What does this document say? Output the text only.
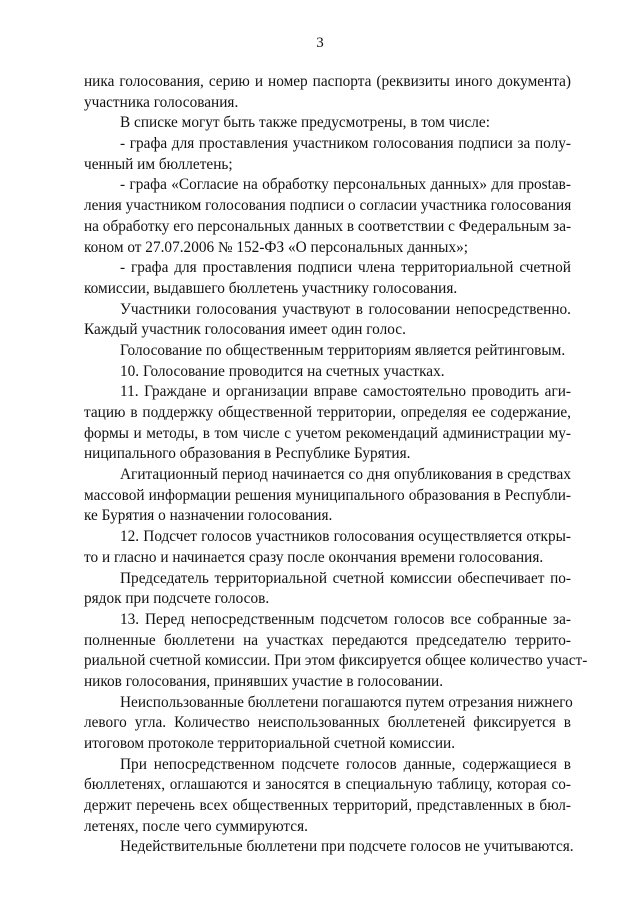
3
ника голосования, серию и номер паспорта (реквизиты иного документа)
участника голосования.
В списке могут быть также предусмотрены, в том числе:
- графа для проставления участником голосования подписи за полу-
ченный им бюллетень;
- графа «Согласие на обработку персональных данных» для проstав-
ления участником голосования подписи о согласии участника голосования
на обработку его персональных данных в соответствии с Федеральным за-
коном от 27.07.2006 № 152-ФЗ «О персональных данных»;
- графа для проставления подписи члена территориальной счетной
комиссии, выдавшего бюллетень участнику голосования.
Участники голосования участвуют в голосовании непосредственно.
Каждый участник голосования имеет один голос.
Голосование по общественным территориям является рейтинговым.
10. Голосование проводится на счетных участках.
11. Граждане и организации вправе самостоятельно проводить аги-
тацию в поддержку общественной территории, определяя ее содержание,
формы и методы, в том числе с учетом рекомендаций администрации му-
ниципального образования в Республике Бурятия.
Агитационный период начинается со дня опубликования в средствах
массовой информации решения муниципального образования в Республи-
ке Бурятия о назначении голосования.
12. Подсчет голосов участников голосования осуществляется откры-
то и гласно и начинается сразу после окончания времени голосования.
Председатель территориальной счетной комиссии обеспечивает по-
рядок при подсчете голосов.
13. Перед непосредственным подсчетом голосов все собранные за-
полненные бюллетени на участках передаются председателю террито-
риальной счетной комиссии. При этом фиксируется общее количество участ-
ников голосования, принявших участие в голосовании.
Неиспользованные бюллетени погашаются путем отрезания нижнего
левого угла. Количество неиспользованных бюллетеней фиксируется в
итоговом протоколе территориальной счетной комиссии.
При непосредственном подсчете голосов данные, содержащиеся в
бюллетенях, оглашаются и заносятся в специальную таблицу, которая со-
держит перечень всех общественных территорий, представленных в бюл-
летенях, после чего суммируются.
Недействительные бюллетени при подсчете голосов не учитываются.
